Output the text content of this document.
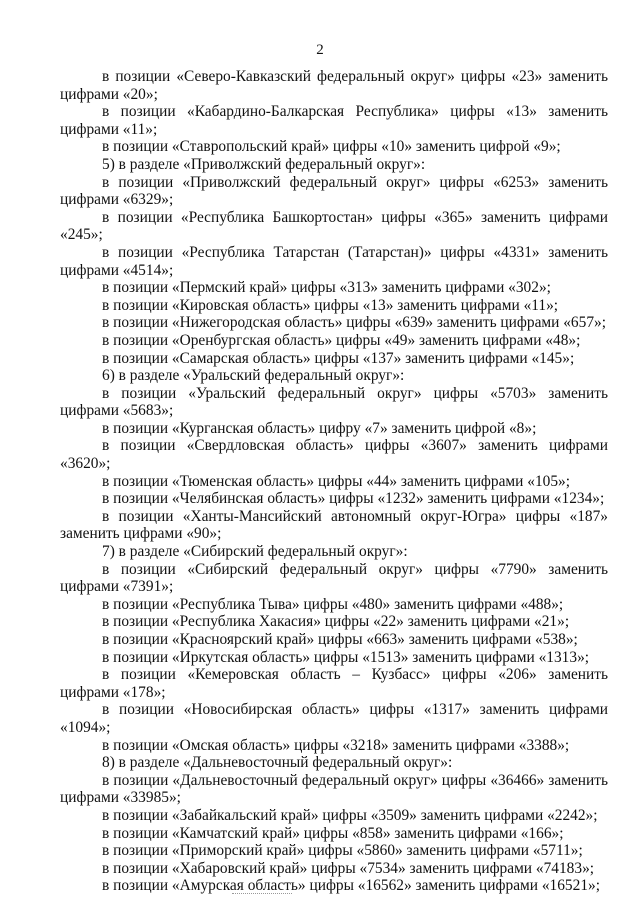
2

в позиции «Северо-Кавказский федеральный округ» цифры «23» заменить цифрами «20»;

в позиции «Кабардино-Балкарская Республика» цифры «13» заменить цифрами «11»;

в позиции «Ставропольский край» цифры «10» заменить цифрой «9»;

5) в разделе «Приволжский федеральный округ»:

в позиции «Приволжский федеральный округ» цифры «6253» заменить цифрами «6329»;

в позиции «Республика Башкортостан» цифры «365» заменить цифрами «245»;

в позиции «Республика Татарстан (Татарстан)» цифры «4331» заменить цифрами «4514»;

в позиции «Пермский край» цифры «313» заменить цифрами «302»;

в позиции «Кировская область» цифры «13» заменить цифрами «11»;

в позиции «Нижегородская область» цифры «639» заменить цифрами «657»;

в позиции «Оренбургская область» цифры «49» заменить цифрами «48»;

в позиции «Самарская область» цифры «137» заменить цифрами «145»;

6) в разделе «Уральский федеральный округ»:

в позиции «Уральский федеральный округ» цифры «5703» заменить цифрами «5683»;

в позиции «Курганская область» цифру «7» заменить цифрой «8»;

в позиции «Свердловская область» цифры «3607» заменить цифрами «3620»;

в позиции «Тюменская область» цифры «44» заменить цифрами «105»;

в позиции «Челябинская область» цифры «1232» заменить цифрами «1234»;

в позиции «Ханты-Мансийский автономный округ-Югра» цифры «187» заменить цифрами «90»;

7) в разделе «Сибирский федеральный округ»:

в позиции «Сибирский федеральный округ» цифры «7790» заменить цифрами «7391»;

в позиции «Республика Тыва» цифры «480» заменить цифрами «488»;

в позиции «Республика Хакасия» цифры «22» заменить цифрами «21»;

в позиции «Красноярский край» цифры «663» заменить цифрами «538»;

в позиции «Иркутская область» цифры «1513» заменить цифрами «1313»;

в позиции «Кемеровская область – Кузбасс» цифры «206» заменить цифрами «178»;

в позиции «Новосибирская область» цифры «1317» заменить цифрами «1094»;

в позиции «Омская область» цифры «3218» заменить цифрами «3388»;

8) в разделе «Дальневосточный федеральный округ»:

в позиции «Дальневосточный федеральный округ» цифры «36466» заменить цифрами «33985»;

в позиции «Забайкальский край» цифры «3509» заменить цифрами «2242»;

в позиции «Камчатский край» цифры «858» заменить цифрами «166»;

в позиции «Приморский край» цифры «5860» заменить цифрами «5711»;

в позиции «Хабаровский край» цифры «7534» заменить цифрами «74183»;

в позиции «Амурская область» цифры «16562» заменить цифрами «16521»;
